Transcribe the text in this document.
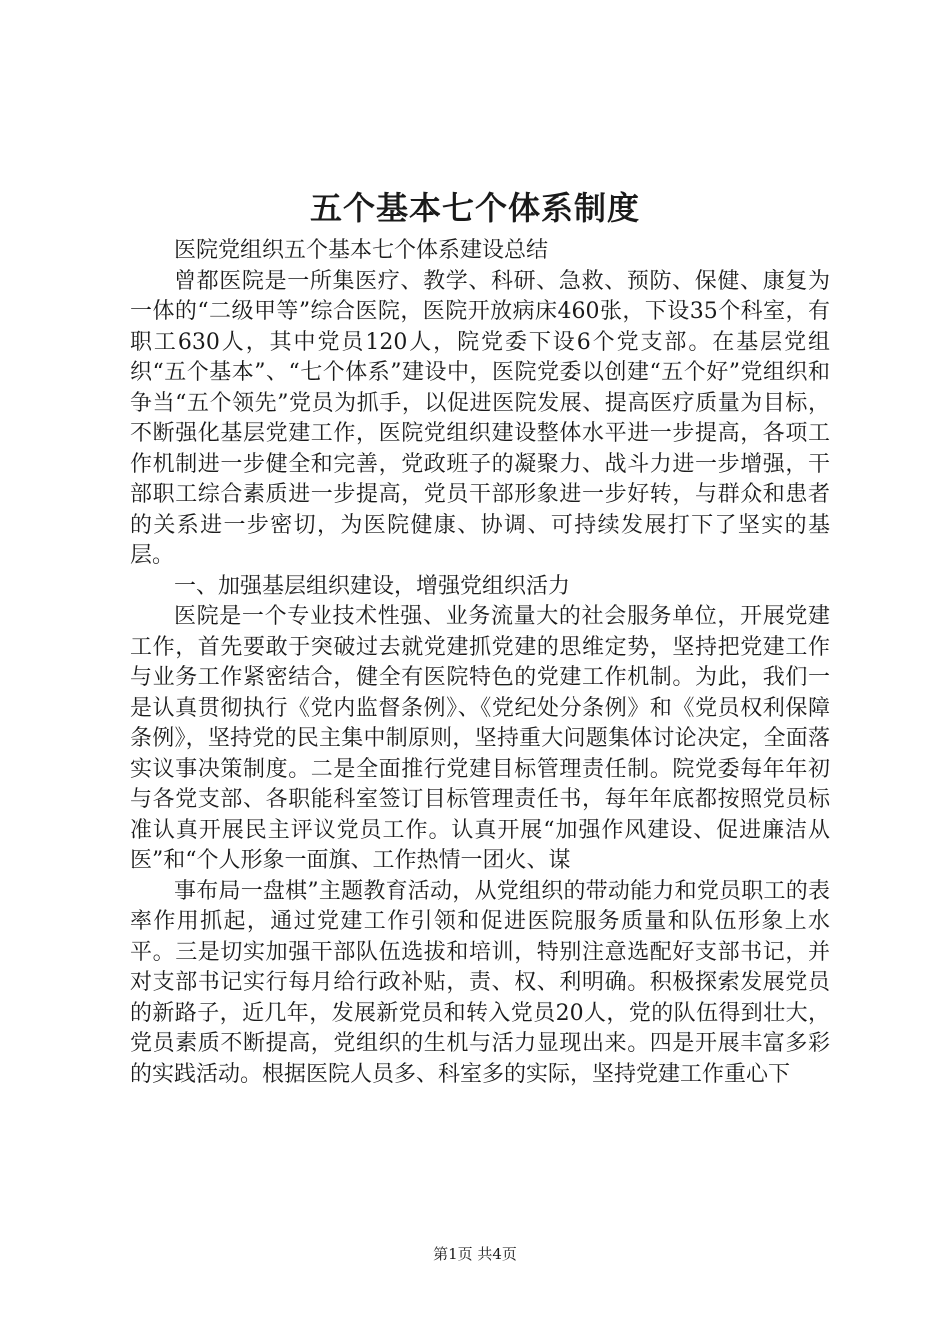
五个基本七个体系制度

医院党组织五个基本七个体系建设总结

曾都医院是一所集医疗、教学、科研、急救、预防、保健、康复为一体的“二级甲等”综合医院，医院开放病床460张，下设35个科室，有职工630人，其中党员120人，院党委下设6个党支部。在基层党组织“五个基本”、“七个体系”建设中，医院党委以创建“五个好”党组织和争当“五个领先”党员为抓手，以促进医院发展、提高医疗质量为目标，不断强化基层党建工作，医院党组织建设整体水平进一步提高，各项工作机制进一步健全和完善，党政班子的凝聚力、战斗力进一步增强，干部职工综合素质进一步提高，党员干部形象进一步好转，与群众和患者的关系进一步密切，为医院健康、协调、可持续发展打下了坚实的基层。

一、加强基层组织建设，增强党组织活力

医院是一个专业技术性强、业务流量大的社会服务单位，开展党建工作，首先要敢于突破过去就党建抓党建的思维定势，坚持把党建工作与业务工作紧密结合，健全有医院特色的党建工作机制。为此，我们一是认真贯彻执行《党内监督条例》、《党纪处分条例》和《党员权利保障条例》，坚持党的民主集中制原则，坚持重大问题集体讨论决定，全面落实议事决策制度。二是全面推行党建目标管理责任制。院党委每年年初与各党支部、各职能科室签订目标管理责任书，每年年底都按照党员标准认真开展民主评议党员工作。认真开展“加强作风建设、促进廉洁从医”和“个人形象一面旗、工作热情一团火、谋

事布局一盘棋”主题教育活动，从党组织的带动能力和党员职工的表率作用抓起，通过党建工作引领和促进医院服务质量和队伍形象上水平。三是切实加强干部队伍选拔和培训，特别注意选配好支部书记，并对支部书记实行每月给行政补贴，责、权、利明确。积极探索发展党员的新路子，近几年，发展新党员和转入党员20人，党的队伍得到壮大，党员素质不断提高，党组织的生机与活力显现出来。四是开展丰富多彩的实践活动。根据医院人员多、科室多的实际，坚持党建工作重心下

第1页 共4页
